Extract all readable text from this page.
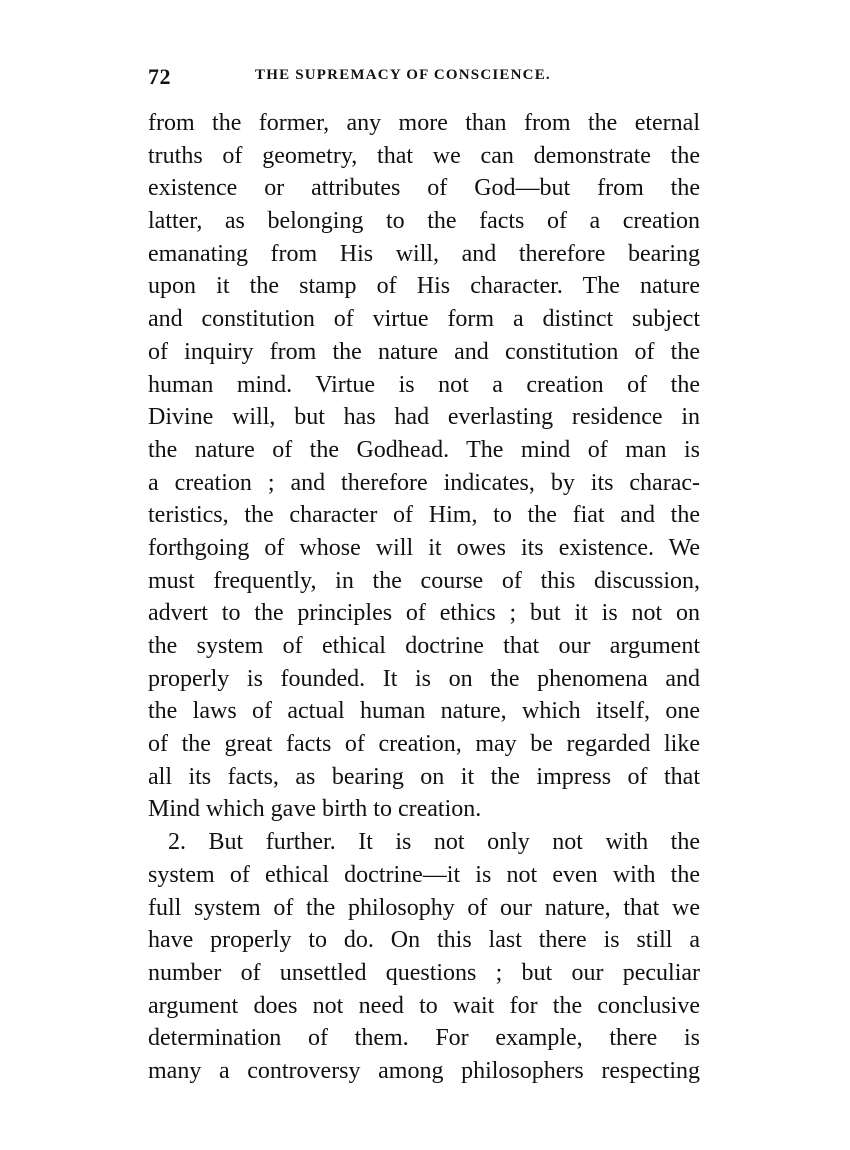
72	THE SUPREMACY OF CONSCIENCE.
from the former, any more than from the eternal
truths of geometry, that we can demonstrate the
existence or attributes of God—but from the
latter, as belonging to the facts of a creation
emanating from His will, and therefore bearing
upon it the stamp of His character. The nature
and constitution of virtue form a distinct subject
of inquiry from the nature and constitution of the
human mind. Virtue is not a creation of the
Divine will, but has had everlasting residence in
the nature of the Godhead. The mind of man is
a creation ; and therefore indicates, by its charac-
teristics, the character of Him, to the fiat and the
forthgoing of whose will it owes its existence. We
must frequently, in the course of this discussion,
advert to the principles of ethics ; but it is not on
the system of ethical doctrine that our argument
properly is founded. It is on the phenomena and
the laws of actual human nature, which itself, one
of the great facts of creation, may be regarded like
all its facts, as bearing on it the impress of that
Mind which gave birth to creation.
2. But further. It is not only not with the
system of ethical doctrine—it is not even with the
full system of the philosophy of our nature, that we
have properly to do. On this last there is still a
number of unsettled questions ; but our peculiar
argument does not need to wait for the conclusive
determination of them. For example, there is
many a controversy among philosophers respecting
